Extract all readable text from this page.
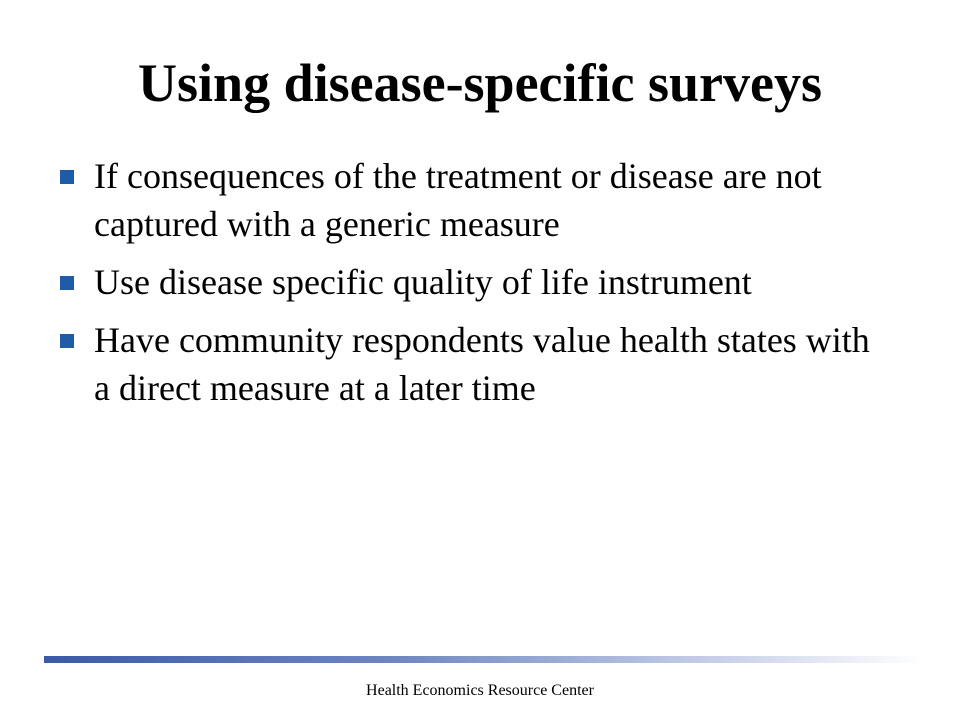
Using disease-specific surveys
If consequences of the treatment or disease are not captured with a generic measure
Use disease specific quality of life instrument
Have community respondents value health states with a direct measure at a later time
Health Economics Resource Center
